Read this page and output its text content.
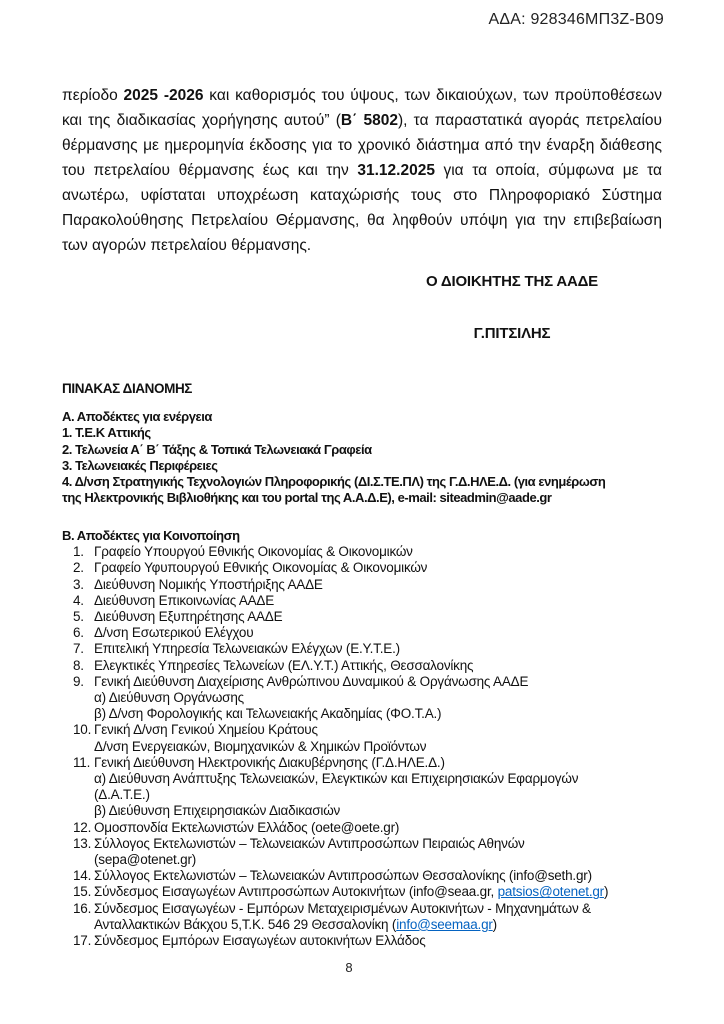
ΑΔΑ: 928346ΜΠ3Ζ-Β09
περίοδο 2025 -2026 και καθορισμός του ύψους, των δικαιούχων, των προϋποθέσεων και της διαδικασίας χορήγησης αυτού” (Β΄ 5802), τα παραστατικά αγοράς πετρελαίου θέρμανσης με ημερομηνία έκδοσης για το χρονικό διάστημα από την έναρξη διάθεσης του πετρελαίου θέρμανσης έως και την 31.12.2025 για τα οποία, σύμφωνα με τα ανωτέρω, υφίσταται υποχρέωση καταχώρισής τους στο Πληροφοριακό Σύστημα Παρακολούθησης Πετρελαίου Θέρμανσης, θα ληφθούν υπόψη για την επιβεβαίωση των αγορών πετρελαίου θέρμανσης.
Ο ΔΙΟΙΚΗΤΗΣ ΤΗΣ ΑΑΔΕ
Γ.ΠΙΤΣΙΛΗΣ
ΠΙΝΑΚΑΣ ΔΙΑΝΟΜΗΣ
Α. Αποδέκτες για ενέργεια
1. Τ.Ε.Κ Αττικής
2. Τελωνεία Α΄ Β΄ Τάξης & Τοπικά Τελωνειακά Γραφεία
3. Τελωνειακές Περιφέρειες
4. Δ/νση Στρατηγικής Τεχνολογιών Πληροφορικής (ΔΙ.Σ.ΤΕ.ΠΛ) της Γ.Δ.ΗΛΕ.Δ. (για ενημέρωση
της Ηλεκτρονικής Βιβλιοθήκης και του portal της Α.Α.Δ.Ε), e-mail: siteadmin@aade.gr
Β. Αποδέκτες για Κοινοποίηση
1. Γραφείο Υπουργού Εθνικής Οικονομίας & Οικονομικών
2. Γραφείο Υφυπουργού Εθνικής Οικονομίας & Οικονομικών
3. Διεύθυνση Νομικής Υποστήριξης ΑΑΔΕ
4. Διεύθυνση Επικοινωνίας ΑΑΔΕ
5. Διεύθυνση Εξυπηρέτησης ΑΑΔΕ
6. Δ/νση Εσωτερικού Ελέγχου
7. Επιτελική Υπηρεσία Τελωνειακών Ελέγχων (Ε.Υ.Τ.Ε.)
8. Ελεγκτικές Υπηρεσίες Τελωνείων (ΕΛ.Υ.Τ.) Αττικής, Θεσσαλονίκης
9. Γενική Διεύθυνση Διαχείρισης Ανθρώπινου Δυναμικού & Οργάνωσης ΑΑΔΕ
α) Διεύθυνση Οργάνωσης
β) Δ/νση Φορολογικής και Τελωνειακής Ακαδημίας (ΦΟ.Τ.Α.)
10. Γενική Δ/νση Γενικού Χημείου Κράτους
Δ/νση Ενεργειακών, Βιομηχανικών & Χημικών Προϊόντων
11. Γενική Διεύθυνση Ηλεκτρονικής Διακυβέρνησης (Γ.Δ.ΗΛΕ.Δ.)
α) Διεύθυνση Ανάπτυξης Τελωνειακών, Ελεγκτικών και Επιχειρησιακών Εφαρμογών
(Δ.Α.Τ.Ε.)
β) Διεύθυνση Επιχειρησιακών Διαδικασιών
12. Ομοσπονδία Εκτελωνιστών Ελλάδος (oete@oete.gr)
13. Σύλλογος Εκτελωνιστών – Τελωνειακών Αντιπροσώπων Πειραιώς Αθηνών
(sepa@otenet.gr)
14. Σύλλογος Εκτελωνιστών – Τελωνειακών Αντιπροσώπων Θεσσαλονίκης (info@seth.gr)
15. Σύνδεσμος Εισαγωγέων Αντιπροσώπων Αυτοκινήτων (info@seaa.gr, patsios@otenet.gr)
16. Σύνδεσμος Εισαγωγέων - Εμπόρων Μεταχειρισμένων Αυτοκινήτων - Μηχανημάτων &
Ανταλλακτικών Βάκχου 5,Τ.Κ. 546 29 Θεσσαλονίκη (info@seemaa.gr)
17. Σύνδεσμος Εμπόρων Εισαγωγέων αυτοκινήτων Ελλάδος
8
